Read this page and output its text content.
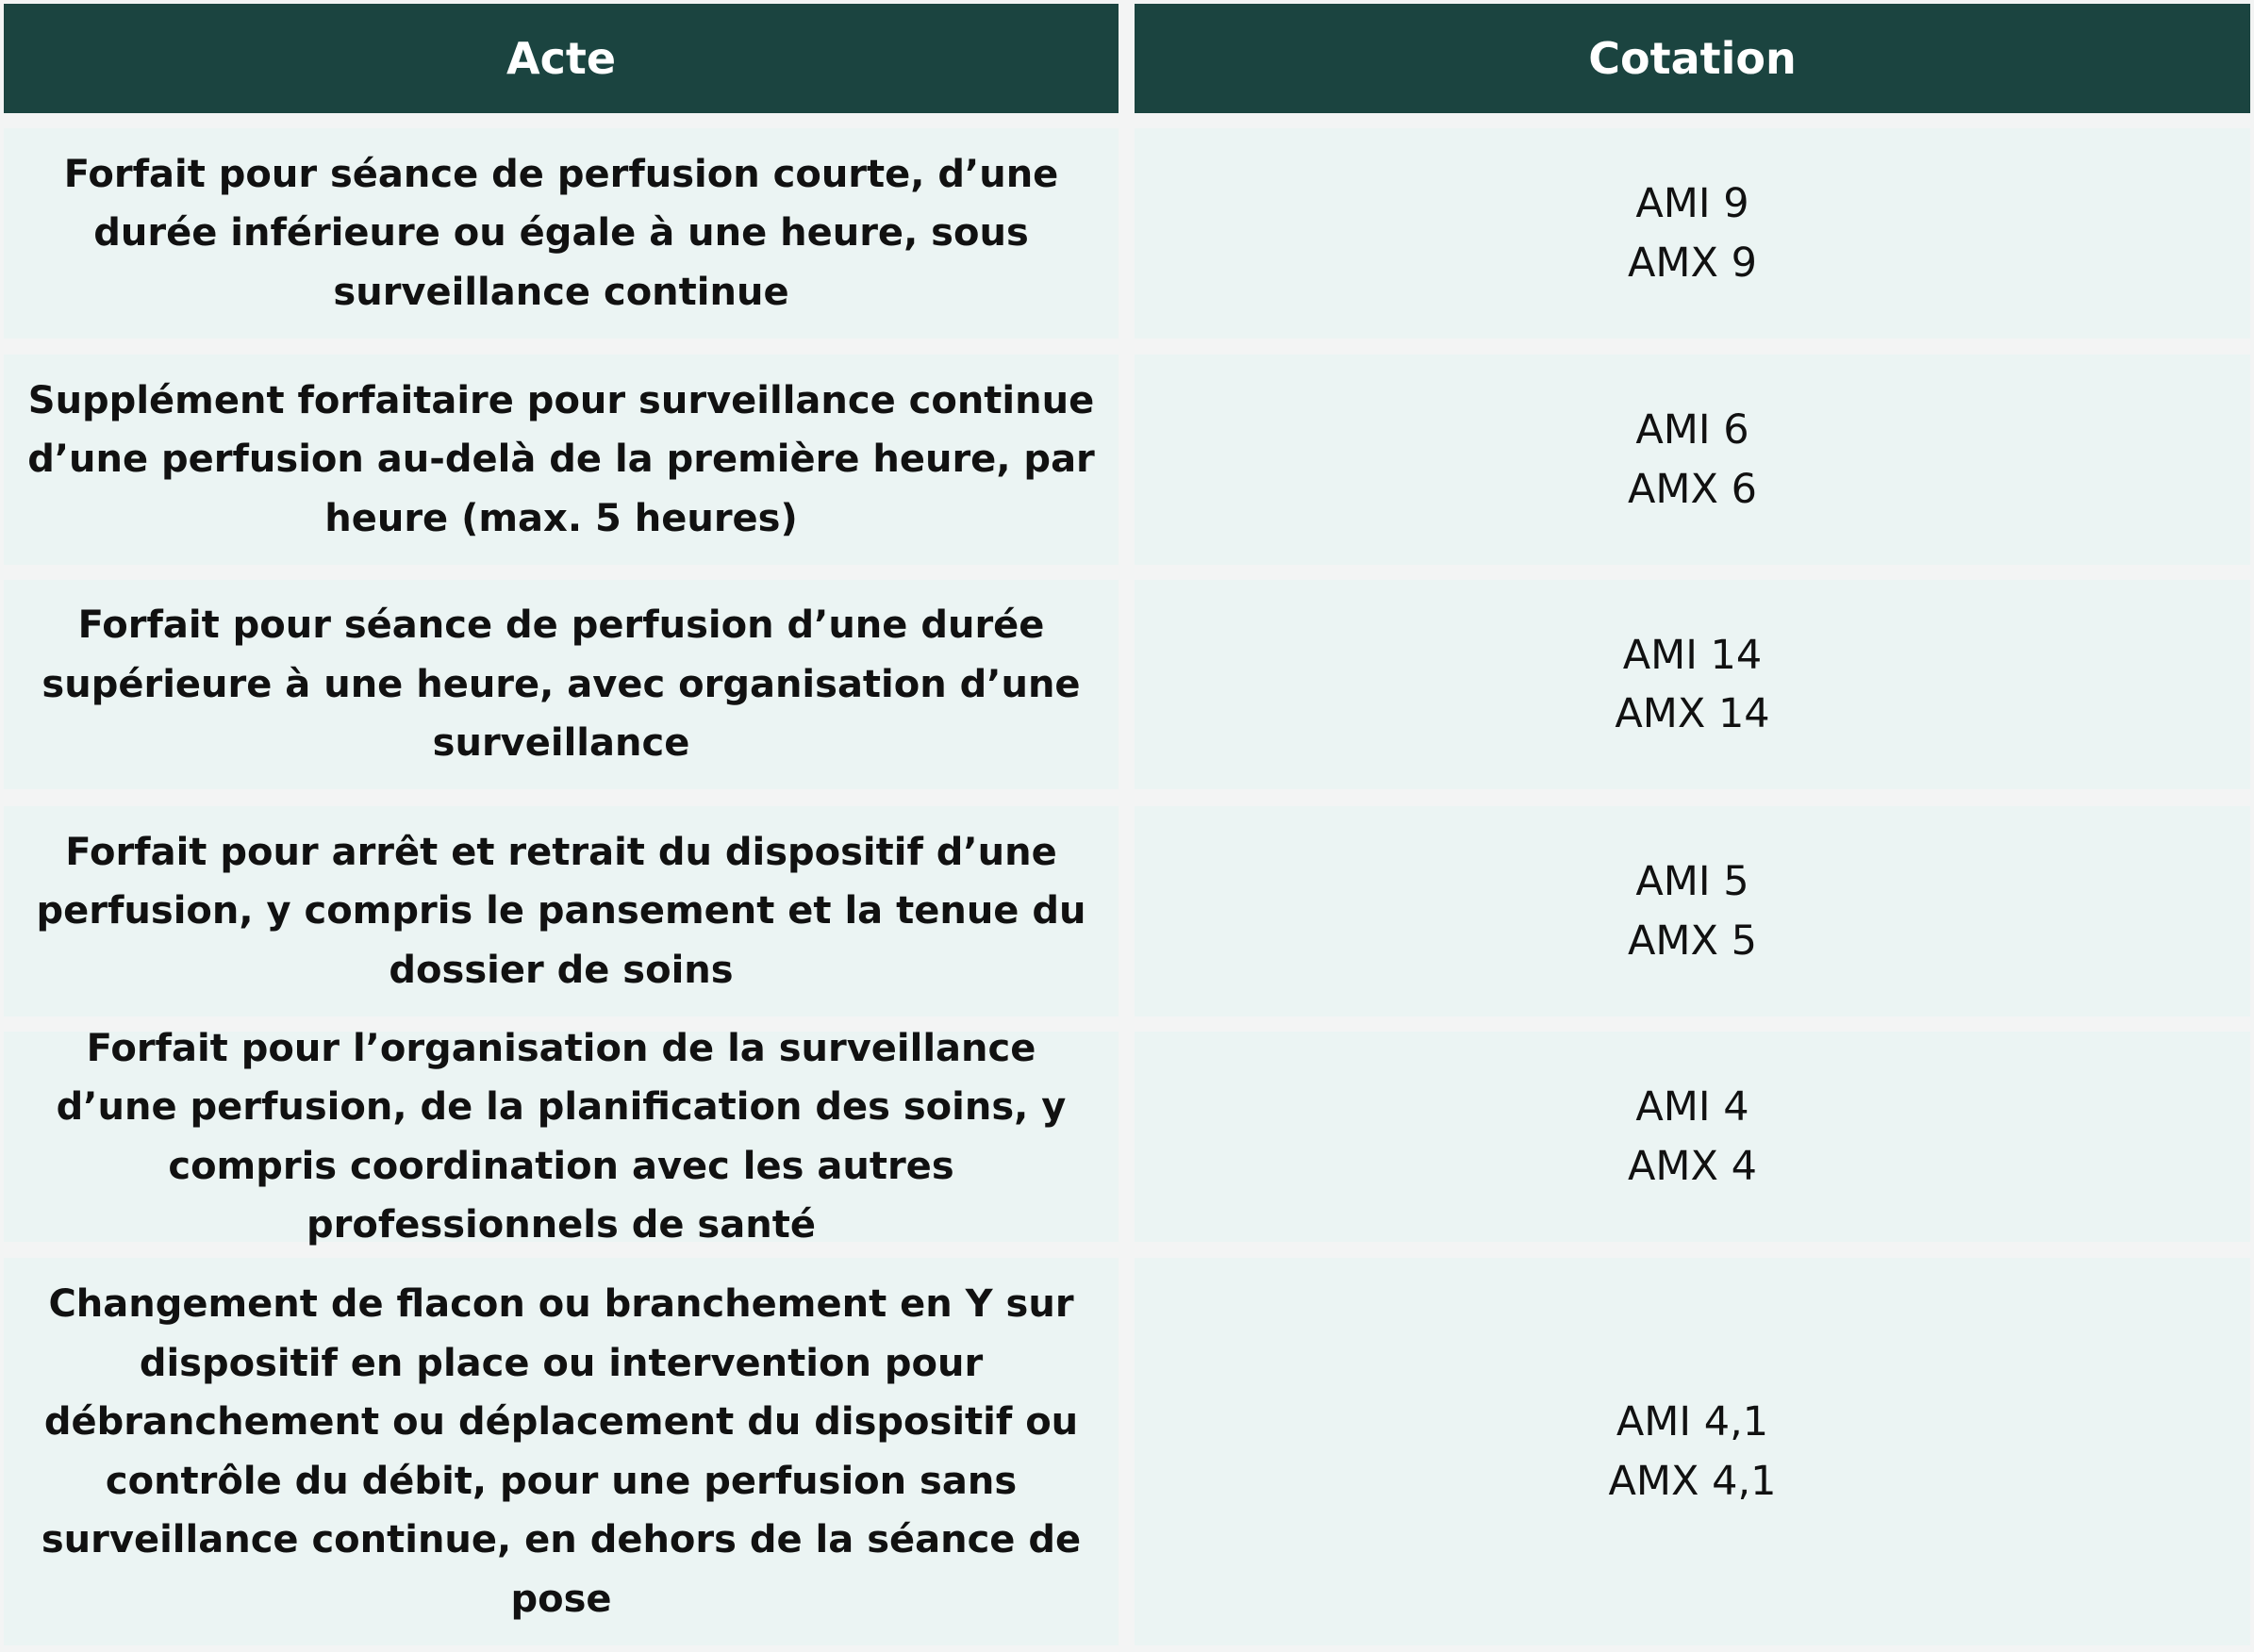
Acte	Cotation
Forfait pour séance de perfusion courte, d’une durée inférieure ou égale à une heure, sous surveillance continue
AMI 9
AMX 9
Supplément forfaitaire pour surveillance continue d’une perfusion au-delà de la première heure, par heure (max. 5 heures)
AMI 6
AMX 6
Forfait pour séance de perfusion d’une durée supérieure à une heure, avec organisation d’une surveillance
AMI 14
AMX 14
Forfait pour arrêt et retrait du dispositif d’une perfusion, y compris le pansement et la tenue du dossier de soins
AMI 5
AMX 5
Forfait pour l’organisation de la surveillance d’une perfusion, de la planification des soins, y compris coordination avec les autres professionnels de santé
AMI 4
AMX 4
Changement de flacon ou branchement en Y sur dispositif en place ou intervention pour débranchement ou déplacement du dispositif ou contrôle du débit, pour une perfusion sans surveillance continue, en dehors de la séance de pose
AMI 4,1
AMX 4,1
